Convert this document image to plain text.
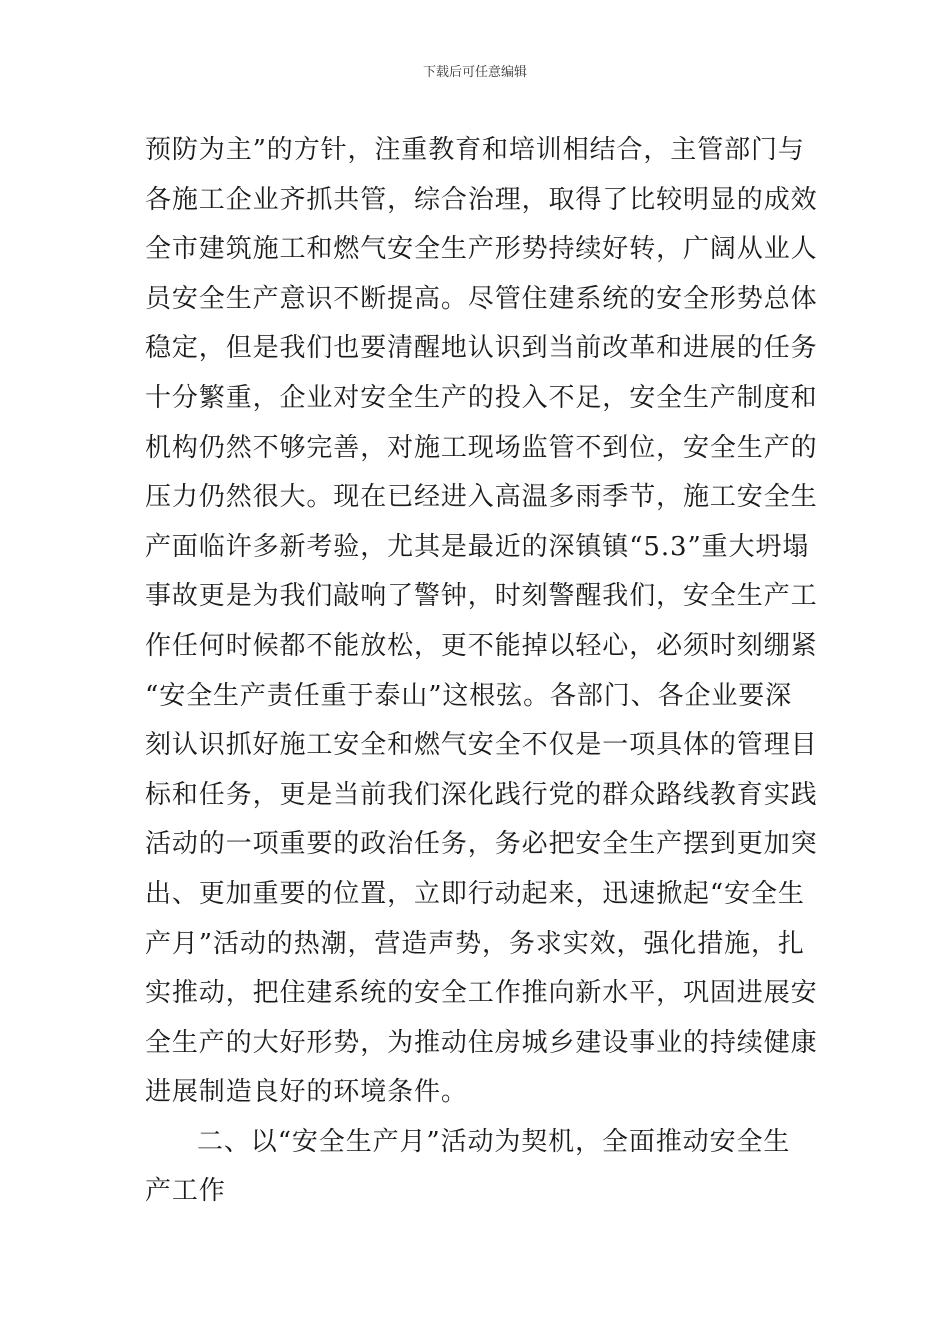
下载后可任意编辑
预防为主”的方针，注重教育和培训相结合，主管部门与
各施工企业齐抓共管，综合治理，取得了比较明显的成效
全市建筑施工和燃气安全生产形势持续好转，广阔从业人
员安全生产意识不断提高。尽管住建系统的安全形势总体
稳定，但是我们也要清醒地认识到当前改革和进展的任务
十分繁重，企业对安全生产的投入不足，安全生产制度和
机构仍然不够完善，对施工现场监管不到位，安全生产的
压力仍然很大。现在已经进入高温多雨季节，施工安全生
产面临许多新考验，尤其是最近的深镇镇“5.3”重大坍塌
事故更是为我们敲响了警钟，时刻警醒我们，安全生产工
作任何时候都不能放松，更不能掉以轻心，必须时刻绷紧
“安全生产责任重于泰山”这根弦。各部门、各企业要深
刻认识抓好施工安全和燃气安全不仅是一项具体的管理目
标和任务，更是当前我们深化践行党的群众路线教育实践
活动的一项重要的政治任务，务必把安全生产摆到更加突
出、更加重要的位置，立即行动起来，迅速掀起“安全生
产月”活动的热潮，营造声势，务求实效，强化措施，扎
实推动，把住建系统的安全工作推向新水平，巩固进展安
全生产的大好形势，为推动住房城乡建设事业的持续健康
进展制造良好的环境条件。
二、以“安全生产月”活动为契机，全面推动安全生
产工作
